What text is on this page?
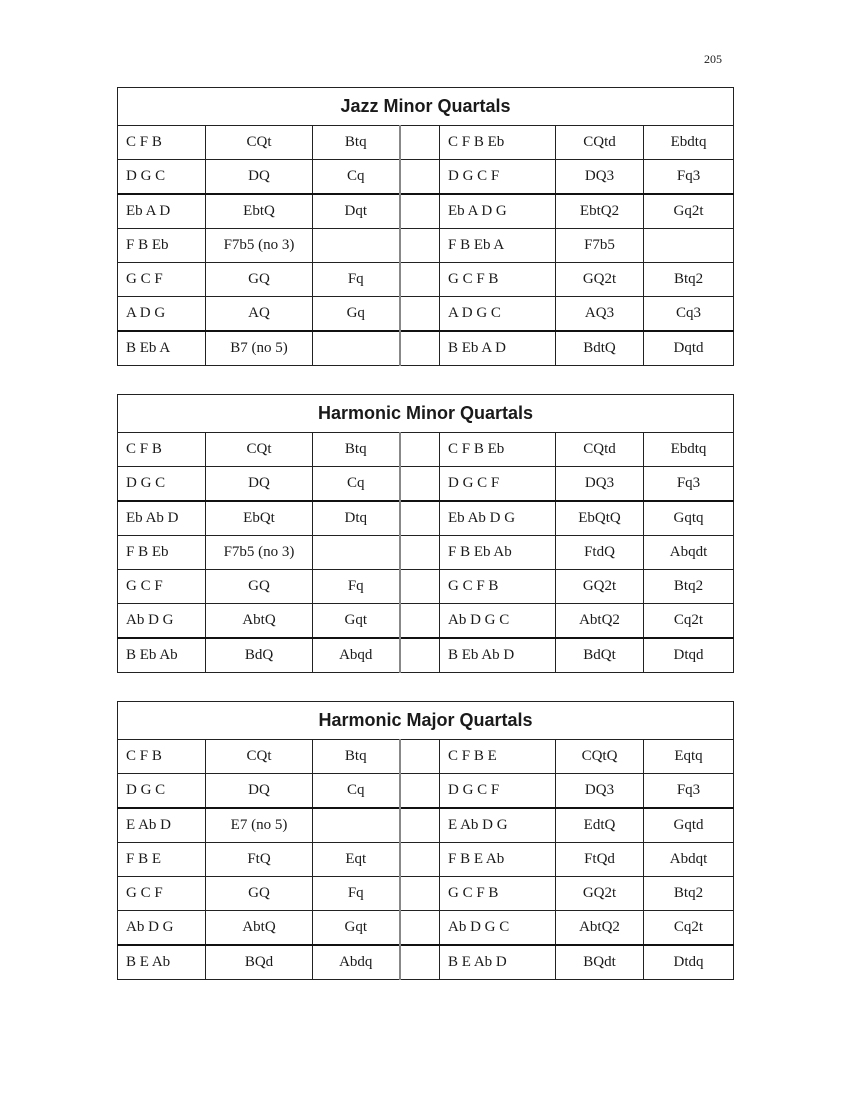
205
Jazz Minor Quartals						
C F B	CQt	Btq		C F B Eb	CQtd	Ebdtq
D G C	DQ	Cq		D G C F	DQ3	Fq3
Eb A D	EbtQ	Dqt		Eb A D G	EbtQ2	Gq2t
F B Eb	F7b5 (no 3)			F B Eb A	F7b5	
G C F	GQ	Fq		G C F B	GQ2t	Btq2
A D G	AQ	Gq		A D G C	AQ3	Cq3
B Eb A	B7 (no 5)			B Eb A D	BdtQ	Dqtd
Harmonic Minor Quartals						
C F B	CQt	Btq		C F B Eb	CQtd	Ebdtq
D G C	DQ	Cq		D G C F	DQ3	Fq3
Eb Ab D	EbQt	Dtq		Eb Ab D G	EbQtQ	Gqtq
F B Eb	F7b5 (no 3)			F B Eb Ab	FtdQ	Abqdt
G C F	GQ	Fq		G C F B	GQ2t	Btq2
Ab D G	AbtQ	Gqt		Ab D G C	AbtQ2	Cq2t
B Eb Ab	BdQ	Abqd		B Eb Ab D	BdQt	Dtqd
Harmonic Major Quartals						
C F B	CQt	Btq		C F B E	CQtQ	Eqtq
D G C	DQ	Cq		D G C F	DQ3	Fq3
E Ab D	E7 (no 5)			E Ab D G	EdtQ	Gqtd
F B E	FtQ	Eqt		F B E Ab	FtQd	Abdqt
G C F	GQ	Fq		G C F B	GQ2t	Btq2
Ab D G	AbtQ	Gqt		Ab D G C	AbtQ2	Cq2t
B E Ab	BQd	Abdq		B E Ab D	BQdt	Dtdq
